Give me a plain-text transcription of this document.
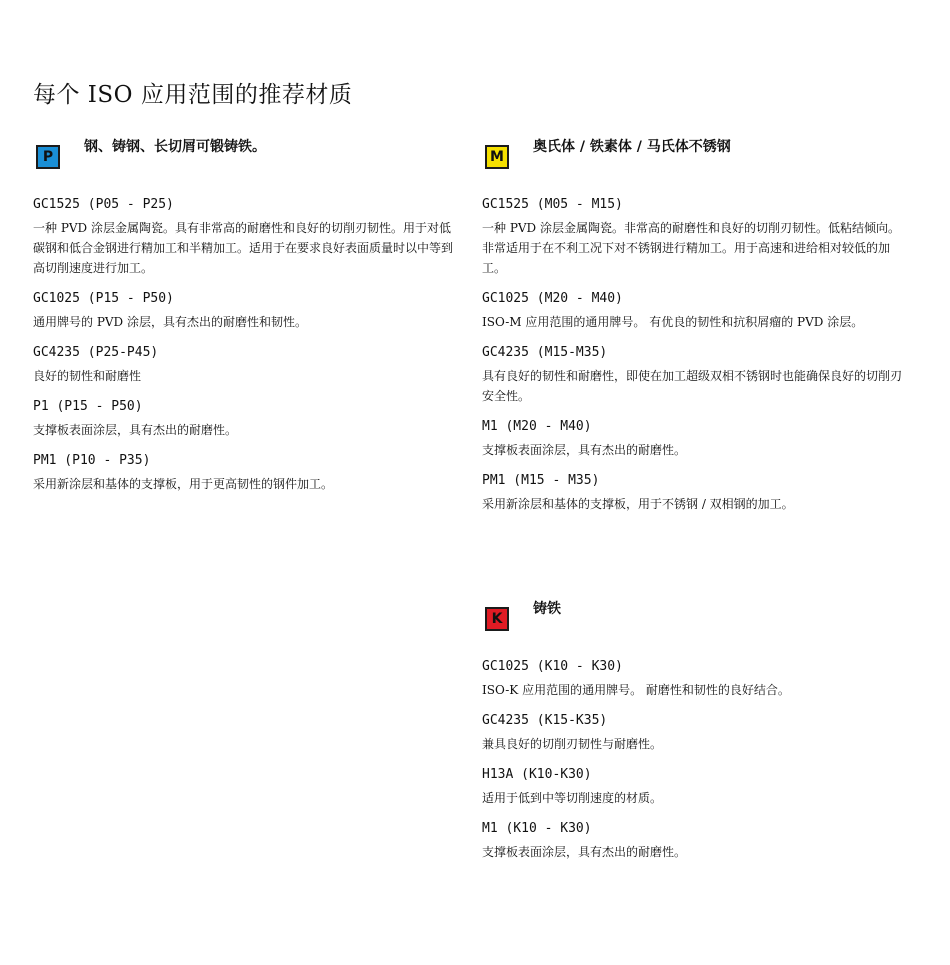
每个 ISO 应用范围的推荐材质
P
钢、铸钢、长切屑可锻铸铁。
GC1525 (P05 - P25)
一种 PVD 涂层金属陶瓷。具有非常高的耐磨性和良好的切削刃韧性。用于对低碳钢和低合金钢进行精加工和半精加工。适用于在要求良好表面质量时以中等到高切削速度进行加工。
GC1025 (P15 - P50)
通用牌号的 PVD 涂层，具有杰出的耐磨性和韧性。
GC4235 (P25-P45)
良好的韧性和耐磨性
P1 (P15 - P50)
支撑板表面涂层，具有杰出的耐磨性。
PM1 (P10 - P35)
采用新涂层和基体的支撑板，用于更高韧性的钢件加工。
M
奥氏体 / 铁素体 / 马氏体不锈钢
GC1525 (M05 - M15)
一种 PVD 涂层金属陶瓷。非常高的耐磨性和良好的切削刃韧性。低粘结倾向。非常适用于在不利工况下对不锈钢进行精加工。用于高速和进给相对较低的加工。
GC1025 (M20 - M40)
ISO-M 应用范围的通用牌号。 有优良的韧性和抗积屑瘤的 PVD 涂层。
GC4235 (M15-M35)
具有良好的韧性和耐磨性，即使在加工超级双相不锈钢时也能确保良好的切削刃安全性。
M1 (M20 - M40)
支撑板表面涂层，具有杰出的耐磨性。
PM1 (M15 - M35)
采用新涂层和基体的支撑板，用于不锈钢 / 双相钢的加工。
K
铸铁
GC1025 (K10 - K30)
ISO-K 应用范围的通用牌号。 耐磨性和韧性的良好结合。
GC4235 (K15-K35)
兼具良好的切削刃韧性与耐磨性。
H13A (K10-K30)
适用于低到中等切削速度的材质。
M1 (K10 - K30)
支撑板表面涂层，具有杰出的耐磨性。
